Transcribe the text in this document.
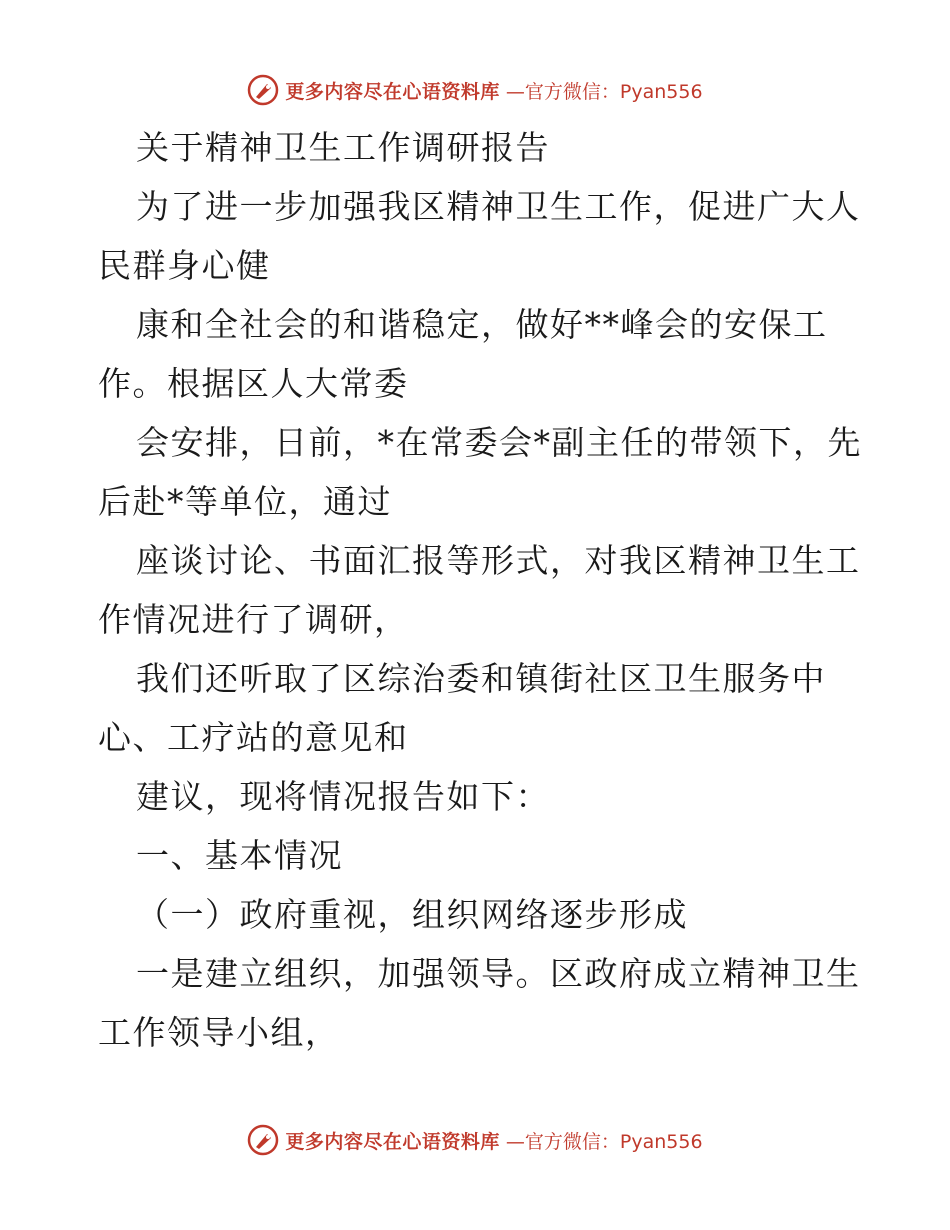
更多内容尽在心语资料库 —官方微信：Pyan556
关于精神卫生工作调研报告
为了进一步加强我区精神卫生工作，促进广大人
民群身心健
康和全社会的和谐稳定，做好**峰会的安保工
作。根据区人大常委
会安排，日前，*在常委会*副主任的带领下，先
后赴*等单位，通过
座谈讨论、书面汇报等形式，对我区精神卫生工
作情况进行了调研，
我们还听取了区综治委和镇街社区卫生服务中
心、工疗站的意见和
建议，现将情况报告如下：
一、基本情况
（一）政府重视，组织网络逐步形成
一是建立组织，加强领导。区政府成立精神卫生
工作领导小组，
更多内容尽在心语资料库 —官方微信：Pyan556
